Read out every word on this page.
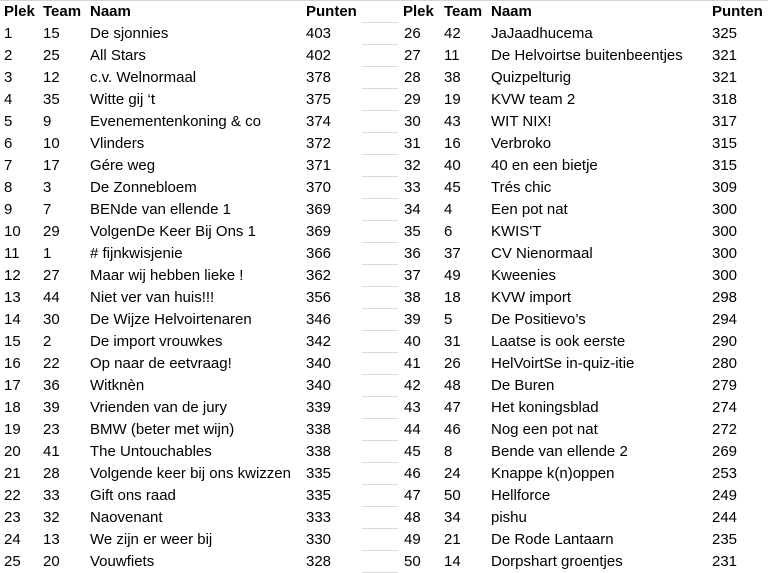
Plek Team Naam	Punten	Plek Team Naam	Punten
1 15 De sjonnies	403	26 42 JaJaadhucema	325
2 25 All Stars	402	27 11 De Helvoirtse buitenbeentjes 321
3 12 c.v. Welnormaal	378	28 38 Quizpelturig	321
4 35 Witte gij ‘t	375	29 19 KVW team 2	318
5 9	Evenementenkoning & co	374	30 43 WIT NIX!	317
6 10 Vlinders	372	31 16 Verbroko	315
7 17 Gére weg	371	32 40 40 en een bietje	315
8 3	De Zonnebloem	370	33 45 Trés chic	309
9 7	BENde van ellende 1	369	34 4	Een pot nat	300
10 29 VolgenDe Keer Bij Ons 1	369	35 6	KWIS'T	300
11 1	# fijnkwisjenie	366	36 37 CV Nienormaal	300
12 27 Maar wij hebben lieke !	362	37 49 Kweenies	300
13 44 Niet ver van huis!!!	356	38 18 KVW import	298
14 30 De Wijze Helvoirtenaren	346	39 5	De Positievo’s	294
15 2	De import vrouwkes	342	40 31 Laatse is ook eerste	290
16 22 Op naar de eetvraag!	340	41 26 HelVoirtSe in-quiz-itie	280
17 36 Witknèn	340	42 48 De Buren	279
18 39 Vrienden van de jury	339	43 47 Het koningsblad	274
19 23 BMW (beter met wijn)	338	44 46 Nog een pot nat	272
20 41 The Untouchables	338	45 8	Bende van ellende 2	269
21 28 Volgende keer bij ons kwizzen 335	46 24 Knappe k(n)oppen	253
22 33 Gift ons raad	335	47 50 Hellforce	249
23 32 Naovenant	333	48 34 pishu	244
24 13 We zijn er weer bij	330	49 21 De Rode Lantaarn	235
25 20 Vouwfiets	328	50 14 Dorpshart groentjes	231
